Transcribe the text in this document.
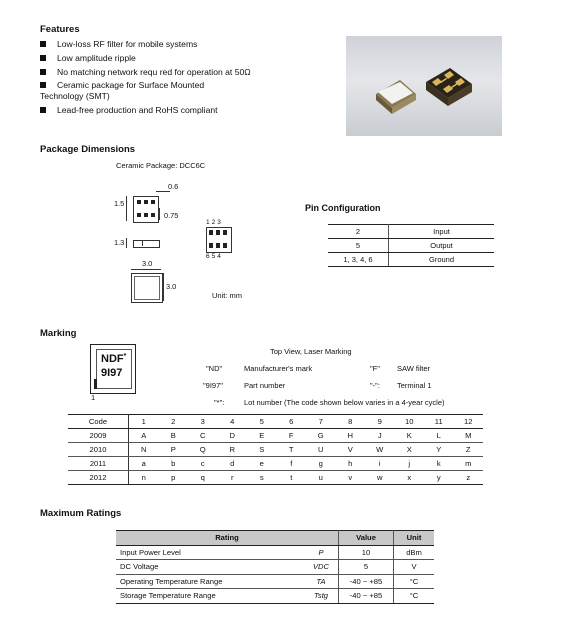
Features
Low-loss RF filter for mobile systems
Low amplitude ripple
No matching network requ red for operation at 50Ω
Ceramic package for Surface Mounted
Technology (SMT)
Lead-free production and RoHS compliant
Package Dimensions
Ceramic Package: DCC6C
0.6
1.5
0.75
1.3
3.0
3.0
123
654
Unit: mm
Pin Configuration
2	Input
5	Output
1, 3, 4, 6	Ground
Marking
NDF*
9I97
1
Top View, Laser Marking
"ND"	Manufacturer's mark	"F" SAW filter
"9I97"	Part number	"-": Terminal 1
"*":	Lot number (The code shown below varies in a 4-year cycle)
Code	1	2	3	4	5	6	7	8	9	10	11	12
2009	A	B	C	D	E	F	G	H	J	K	L	M
2010	N	P	Q	R	S	T	U	V	W	X	Y	Z
2011	a	b	c	d	e	f	g	h	i	j	k	m
2012	n	p	q	r	s	t	u	v	w	x	y	z
Maximum Ratings
Rating		Value	Unit
Input Power Level	P	10	dBm
DC Voltage	VDC	5	V
Operating Temperature Range	TA	-40 ~ +85	°C
Storage Temperature Range	Tstg	-40 ~ +85	°C
